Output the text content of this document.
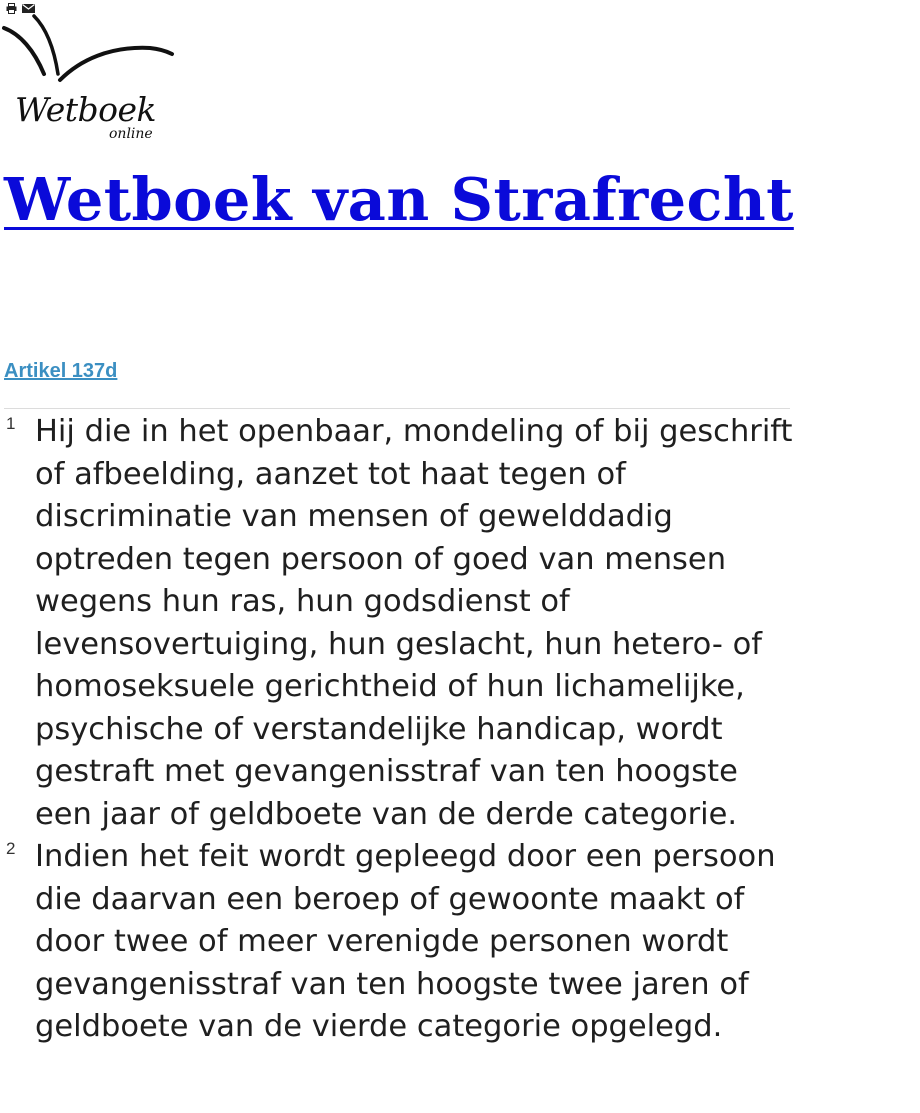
Wetboek
online
Wetboek van Strafrecht
Artikel 137d
1 Hij die in het openbaar, mondeling of bij geschrift of afbeelding, aanzet tot haat tegen of discriminatie van mensen of gewelddadig optreden tegen persoon of goed van mensen wegens hun ras, hun godsdienst of levensovertuiging, hun geslacht, hun hetero- of homoseksuele gerichtheid of hun lichamelijke, psychische of verstandelijke handicap, wordt gestraft met gevangenisstraf van ten hoogste een jaar of geldboete van de derde categorie.

2 Indien het feit wordt gepleegd door een persoon die daarvan een beroep of gewoonte maakt of door twee of meer verenigde personen wordt gevangenisstraf van ten hoogste twee jaren of geldboete van de vierde categorie opgelegd.
